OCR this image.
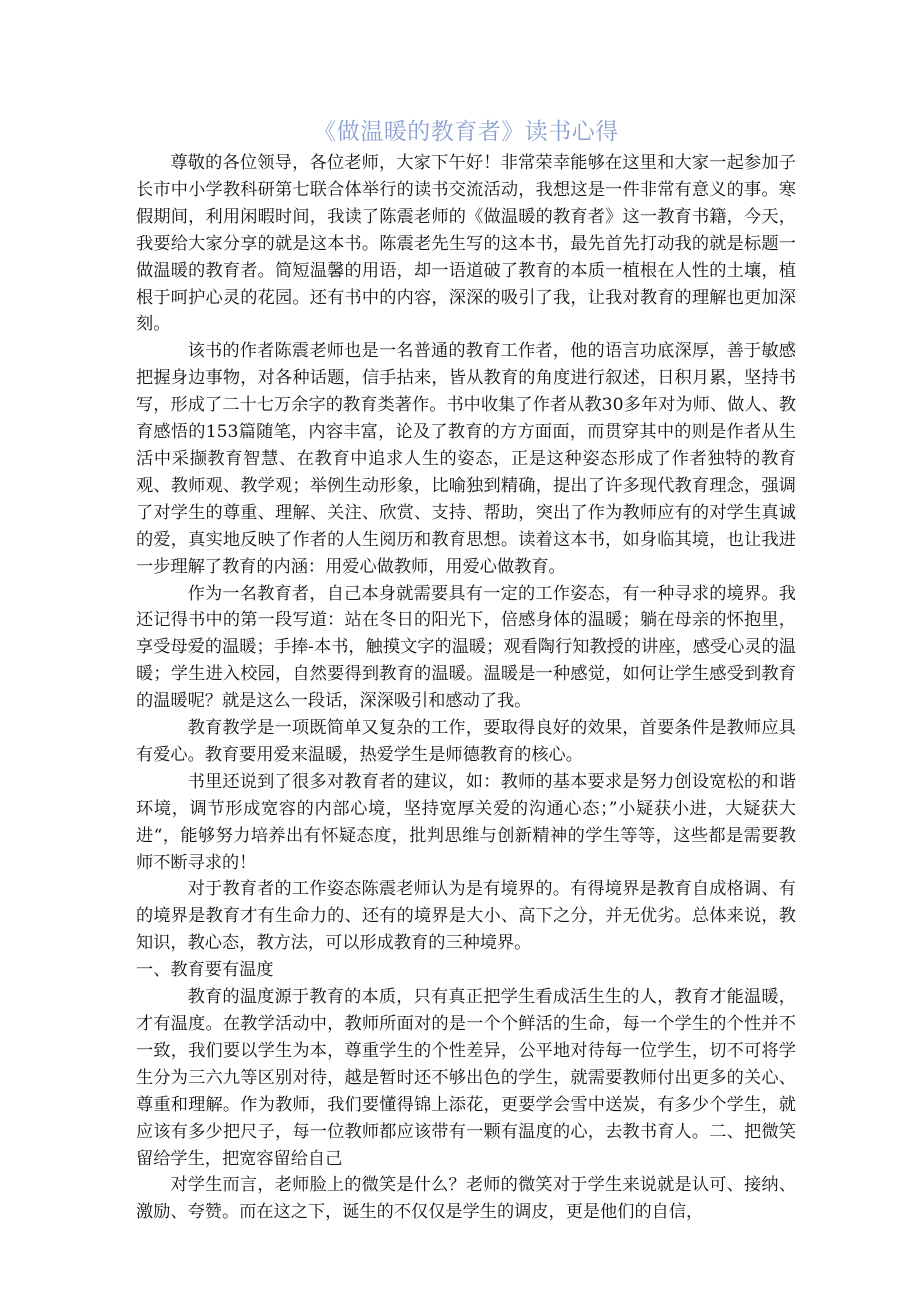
《做温暖的教育者》读书心得

尊敬的各位领导，各位老师，大家下午好！非常荣幸能够在这里和大家一起参加子长市中小学教科研第七联合体举行的读书交流活动，我想这是一件非常有意义的事。寒假期间，利用闲暇时间，我读了陈震老师的《做温暖的教育者》这一教育书籍，今天，我要给大家分享的就是这本书。陈震老先生写的这本书，最先首先打动我的就是标题一做温暖的教育者。简短温馨的用语，却一语道破了教育的本质一植根在人性的土壤，植根于呵护心灵的花园。还有书中的内容，深深的吸引了我，让我对教育的理解也更加深刻。

该书的作者陈震老师也是一名普通的教育工作者，他的语言功底深厚，善于敏感把握身边事物，对各种话题，信手拈来，皆从教育的角度进行叙述，日积月累，坚持书写，形成了二十七万余字的教育类著作。书中收集了作者从教30多年对为师、做人、教育感悟的153篇随笔，内容丰富，论及了教育的方方面面，而贯穿其中的则是作者从生活中采撷教育智慧、在教育中追求人生的姿态，正是这种姿态形成了作者独特的教育观、教师观、教学观；举例生动形象，比喻独到精确，提出了许多现代教育理念，强调了对学生的尊重、理解、关注、欣赏、支持、帮助，突出了作为教师应有的对学生真诚的爱，真实地反映了作者的人生阅历和教育思想。读着这本书，如身临其境，也让我进一步理解了教育的内涵：用爱心做教师，用爱心做教育。

作为一名教育者，自己本身就需要具有一定的工作姿态，有一种寻求的境界。我还记得书中的第一段写道：站在冬日的阳光下，倍感身体的温暖；躺在母亲的怀抱里，享受母爱的温暖；手捧-本书，触摸文字的温暖；观看陶行知教授的讲座，感受心灵的温暖；学生进入校园，自然要得到教育的温暖。温暖是一种感觉，如何让学生感受到教育的温暖呢？就是这么一段话，深深吸引和感动了我。

教育教学是一项既简单又复杂的工作，要取得良好的效果，首要条件是教师应具有爱心。教育要用爱来温暖，热爱学生是师德教育的核心。

书里还说到了很多对教育者的建议，如：教师的基本要求是努力创设宽松的和谐环境，调节形成宽容的内部心境，坚持宽厚关爱的沟通心态；”小疑获小进，大疑获大进“，能够努力培养出有怀疑态度，批判思维与创新精神的学生等等，这些都是需要教师不断寻求的！

对于教育者的工作姿态陈震老师认为是有境界的。有得境界是教育自成格调、有的境界是教育才有生命力的、还有的境界是大小、高下之分，并无优劣。总体来说，教知识，教心态，教方法，可以形成教育的三种境界。

一、教育要有温度

教育的温度源于教育的本质，只有真正把学生看成活生生的人，教育才能温暖，才有温度。在教学活动中，教师所面对的是一个个鲜活的生命，每一个学生的个性并不一致，我们要以学生为本，尊重学生的个性差异，公平地对待每一位学生，切不可将学生分为三六九等区别对待，越是暂时还不够出色的学生，就需要教师付出更多的关心、尊重和理解。作为教师，我们要懂得锦上添花，更要学会雪中送炭，有多少个学生，就应该有多少把尺子，每一位教师都应该带有一颗有温度的心，去教书育人。二、把微笑留给学生，把宽容留给自己

对学生而言，老师脸上的微笑是什么？老师的微笑对于学生来说就是认可、接纳、激励、夸赞。而在这之下，诞生的不仅仅是学生的调皮，更是他们的自信，
